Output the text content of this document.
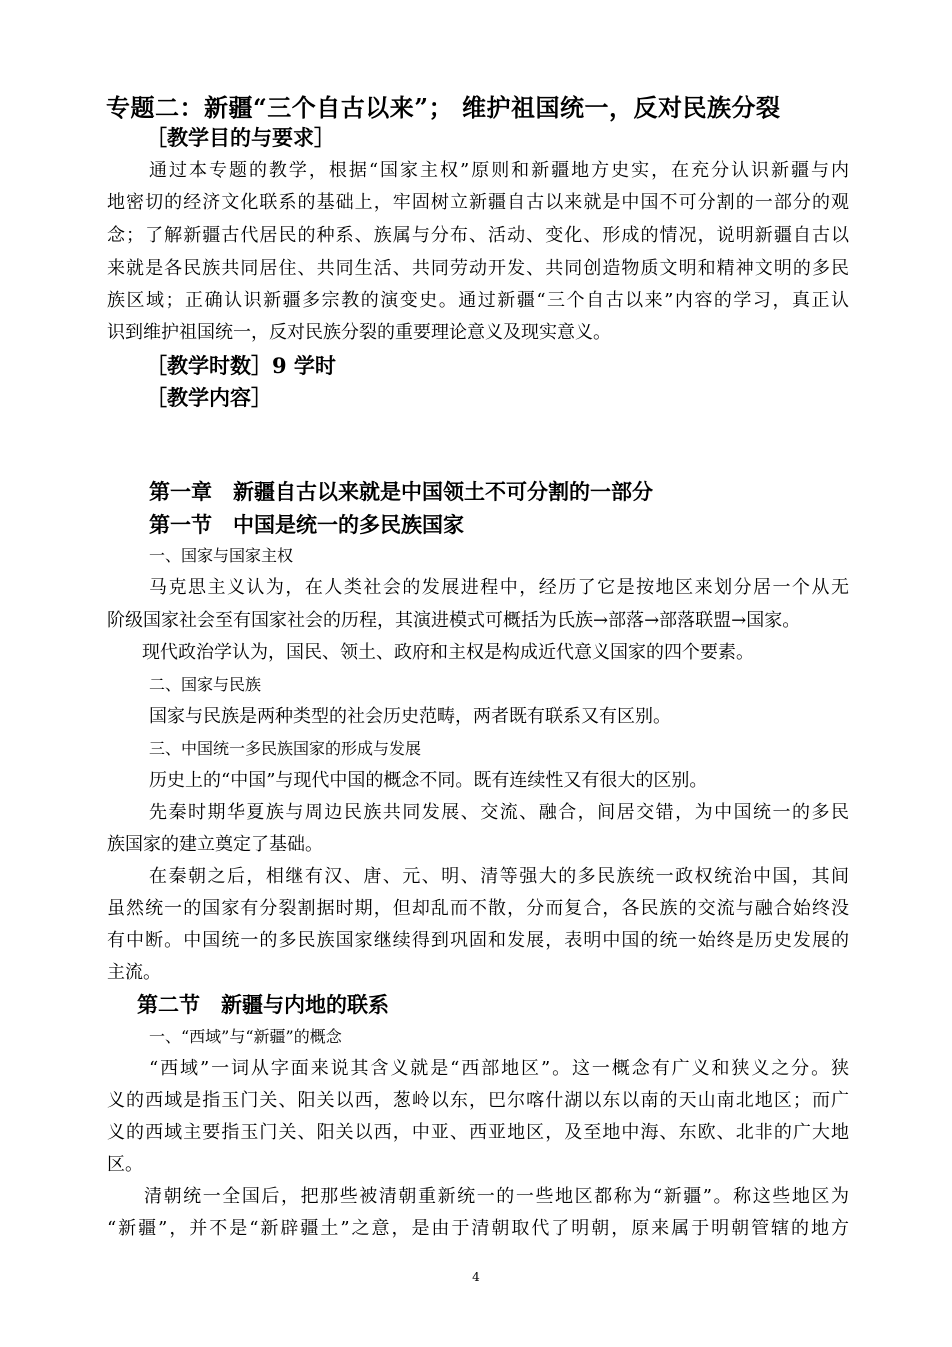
专题二：新疆“三个自古以来”； 维护祖国统一，反对民族分裂
［教学目的与要求］
通过本专题的教学，根据“国家主权”原则和新疆地方史实，在充分认识新疆与内
地密切的经济文化联系的基础上，牢固树立新疆自古以来就是中国不可分割的一部分的观
念；了解新疆古代居民的种系、族属与分布、活动、变化、形成的情况，说明新疆自古以
来就是各民族共同居住、共同生活、共同劳动开发、共同创造物质文明和精神文明的多民
族区域；正确认识新疆多宗教的演变史。通过新疆“三个自古以来”内容的学习，真正认
识到维护祖国统一，反对民族分裂的重要理论意义及现实意义。
［教学时数］9 学时
［教学内容］
第一章　新疆自古以来就是中国领土不可分割的一部分
第一节　中国是统一的多民族国家
一、国家与国家主权
马克思主义认为，在人类社会的发展进程中，经历了它是按地区来划分居一个从无
阶级国家社会至有国家社会的历程，其演进模式可概括为氏族→部落→部落联盟→国家。
现代政治学认为，国民、领土、政府和主权是构成近代意义国家的四个要素。
二、国家与民族
国家与民族是两种类型的社会历史范畴，两者既有联系又有区别。
三、中国统一多民族国家的形成与发展
历史上的“中国”与现代中国的概念不同。既有连续性又有很大的区别。
先秦时期华夏族与周边民族共同发展、交流、融合，间居交错，为中国统一的多民
族国家的建立奠定了基础。
在秦朝之后，相继有汉、唐、元、明、清等强大的多民族统一政权统治中国，其间
虽然统一的国家有分裂割据时期，但却乱而不散，分而复合，各民族的交流与融合始终没
有中断。中国统一的多民族国家继续得到巩固和发展，表明中国的统一始终是历史发展的
主流。
第二节　新疆与内地的联系
一、“西域”与“新疆”的概念
“西域”一词从字面来说其含义就是“西部地区”。这一概念有广义和狭义之分。狭
义的西域是指玉门关、阳关以西，葱岭以东，巴尔喀什湖以东以南的天山南北地区；而广
义的西域主要指玉门关、阳关以西，中亚、西亚地区，及至地中海、东欧、北非的广大地
区。
清朝统一全国后，把那些被清朝重新统一的一些地区都称为“新疆”。称这些地区为
“新疆”，并不是“新辟疆土”之意，是由于清朝取代了明朝，原来属于明朝管辖的地方
4
